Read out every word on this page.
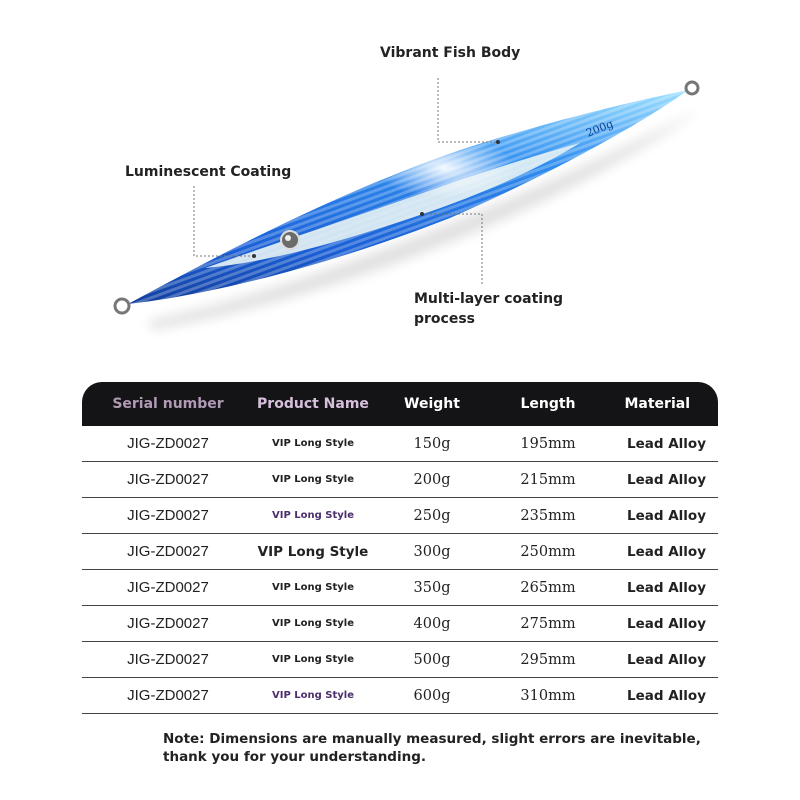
200g
Vibrant Fish Body
Luminescent Coating
Multi-layer coating
process
Serial number	Product Name	Weight	Length	Material
JIG-ZD0027	VIP Long Style	150g	195mm	Lead Alloy
JIG-ZD0027	VIP Long Style	200g	215mm	Lead Alloy
JIG-ZD0027	VIP Long Style	250g	235mm	Lead Alloy
JIG-ZD0027	VIP Long Style	300g	250mm	Lead Alloy
JIG-ZD0027	VIP Long Style	350g	265mm	Lead Alloy
JIG-ZD0027	VIP Long Style	400g	275mm	Lead Alloy
JIG-ZD0027	VIP Long Style	500g	295mm	Lead Alloy
JIG-ZD0027	VIP Long Style	600g	310mm	Lead Alloy
Note: Dimensions are manually measured, slight errors are inevitable,
thank you for your understanding.
